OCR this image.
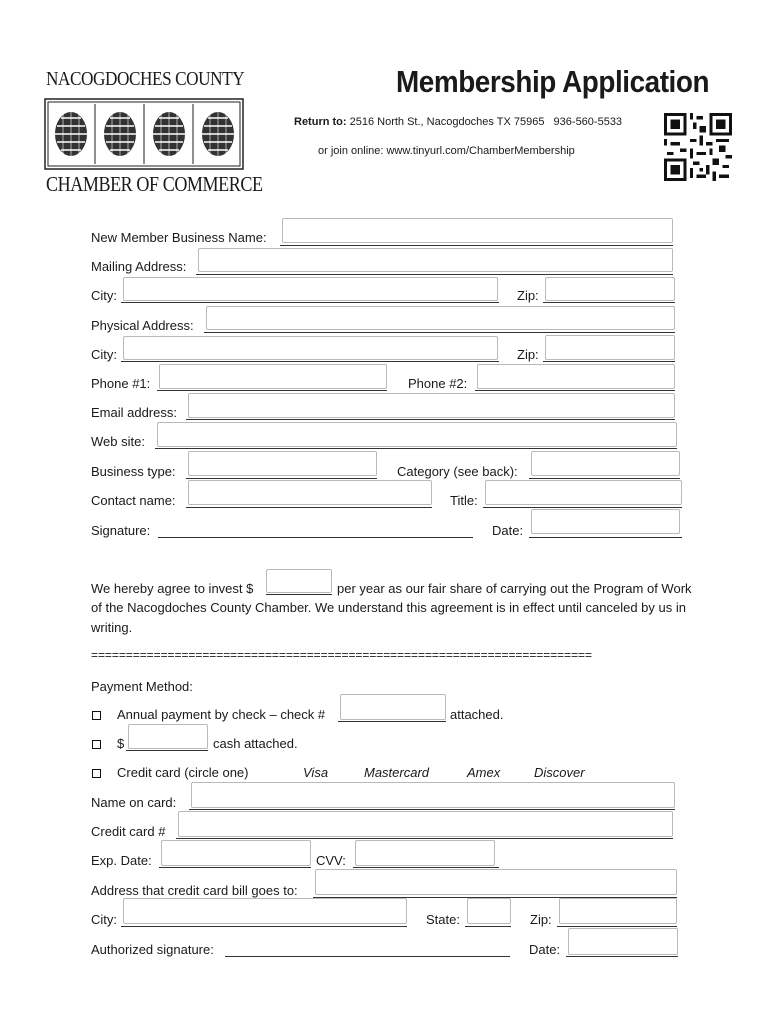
NACOGDOCHES COUNTY
CHAMBER OF COMMERCE
Membership Application
Return to: 2516 North St., Nacogdoches TX 75965 936-560-5533
or join online: www.tinyurl.com/ChamberMembership
New Member Business Name:
Mailing Address:
City:	Zip:
Physical Address:
City:	Zip:
Phone #1:	Phone #2:
Email address:
Web site:
Business type:	Category (see back):
Contact name:	Title:
Signature:	Date:
We hereby agree to invest $	per year as our fair share of carrying out the Program of Work
of the Nacogdoches County Chamber. We understand this agreement is in effect until canceled by us in
writing.
========================================================================
Payment Method:
Annual payment by check – check #	attached.
$	cash attached.
Credit card (circle one)	Visa	Mastercard	Amex	Discover
Name on card:
Credit card #
Exp. Date:	CVV:
Address that credit card bill goes to:
City:	State:	Zip:
Authorized signature:	Date:
